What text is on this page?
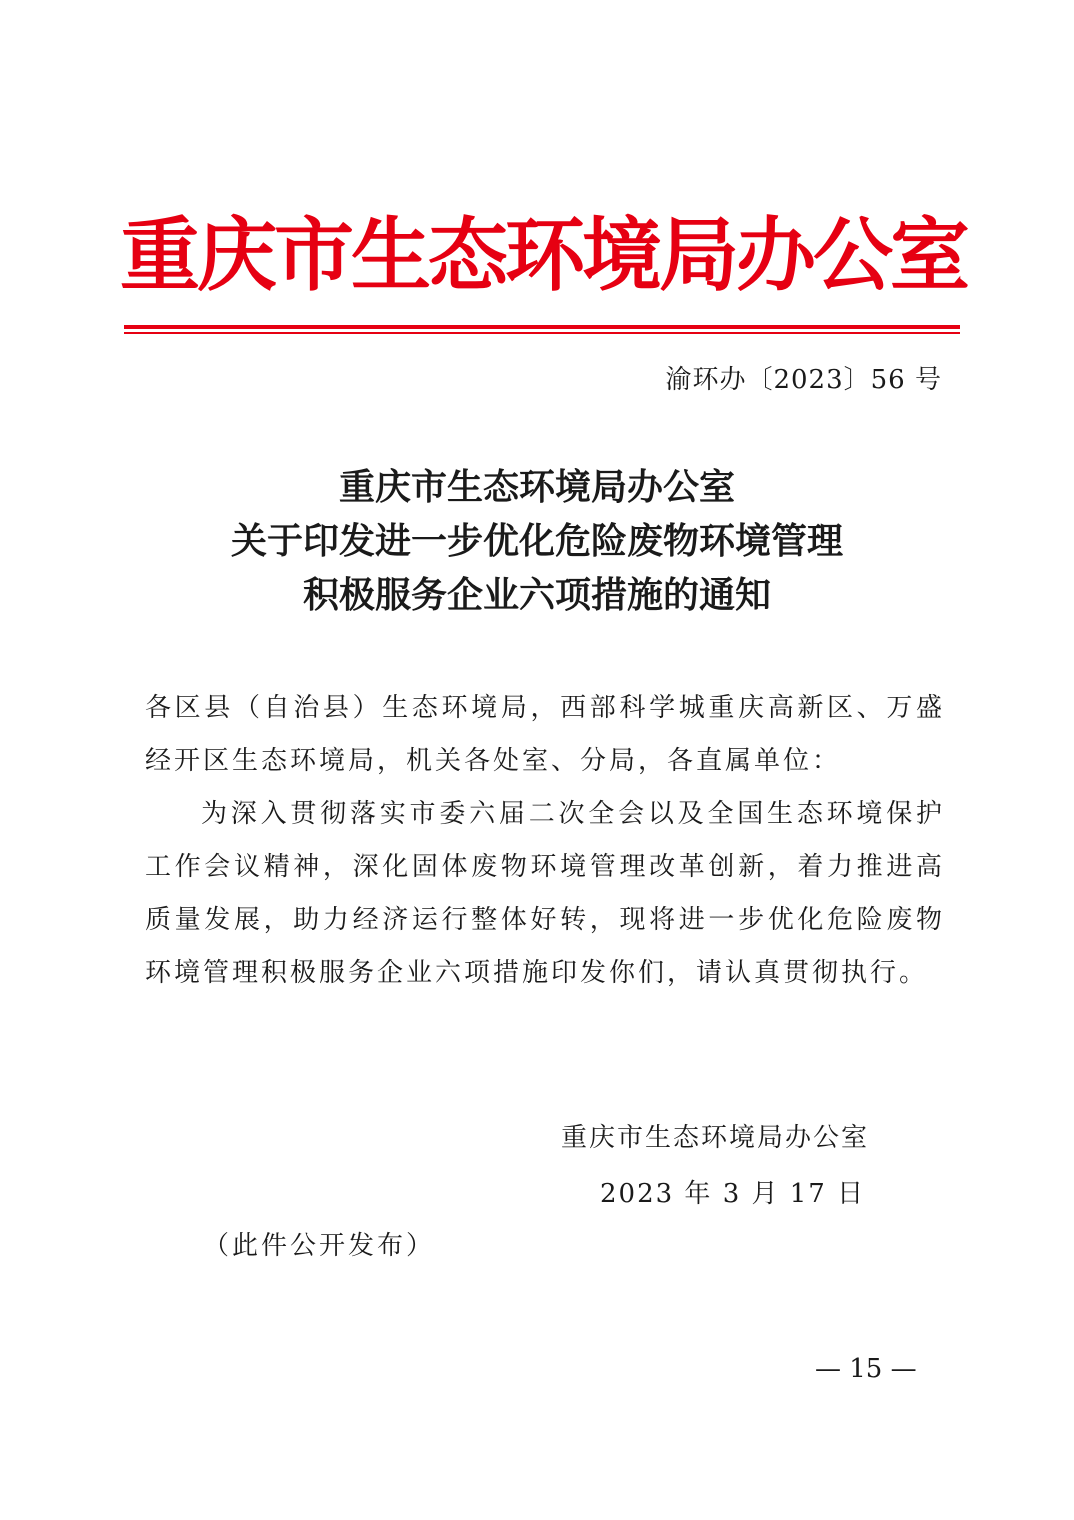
重庆市生态环境局办公室
渝环办〔2023〕56 号
重庆市生态环境局办公室
关于印发进一步优化危险废物环境管理
积极服务企业六项措施的通知
各区县（自治县）生态环境局，西部科学城重庆高新区、万盛经开区生态环境局，机关各处室、分局，各直属单位：
为深入贯彻落实市委六届二次全会以及全国生态环境保护工作会议精神，深化固体废物环境管理改革创新，着力推进高质量发展，助力经济运行整体好转，现将进一步优化危险废物环境管理积极服务企业六项措施印发你们，请认真贯彻执行。
重庆市生态环境局办公室
2023 年 3 月 17 日
（此件公开发布）
— 15 —
